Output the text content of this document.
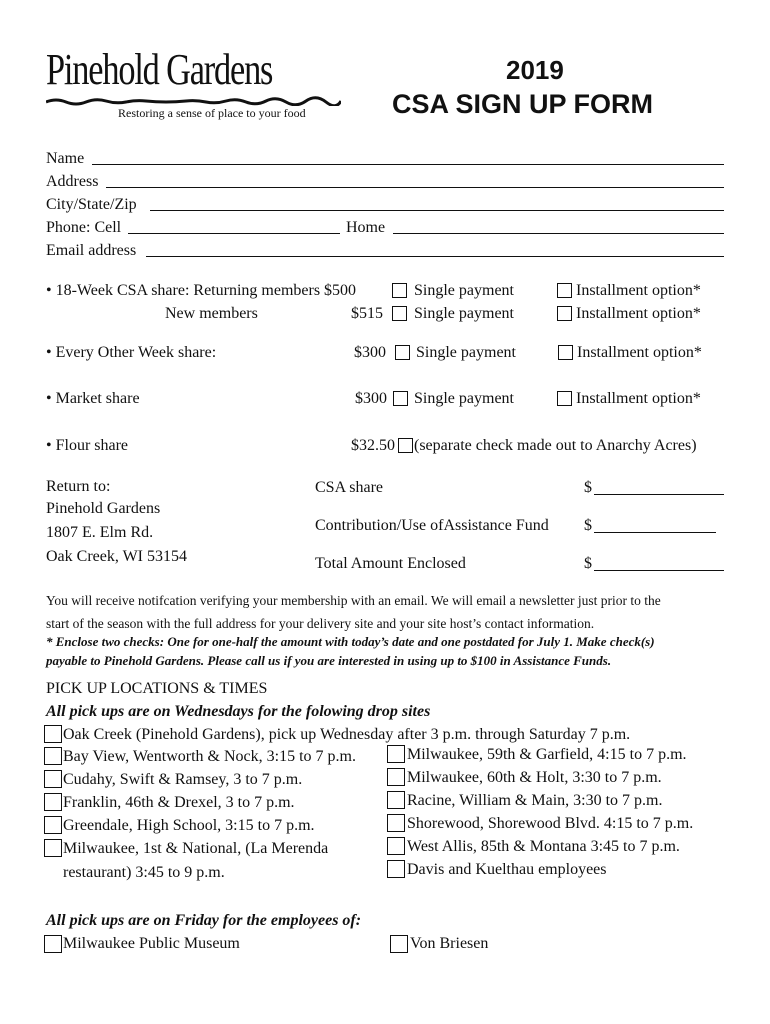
Pinehold Gardens
Restoring a sense of place to your food
2019
CSA SIGN UP FORM
Name
Address
City/State/Zip
Phone: Cell	Home
Email address
• 18-Week CSA share: Returning members $500	Single payment	Installment option*
New members	$515 Single payment	Installment option*
• Every Other Week share:	$300 Single payment	Installment option*
• Market share	$300 Single payment	Installment option*
• Flour share	$32.50 (separate check made out to Anarchy Acres)
Return to:
Pinehold Gardens
1807 E. Elm Rd.
Oak Creek, WI 53154
CSA share	$
Contribution/Use ofAssistance Fund $
Total Amount Enclosed	$
You will receive notifcation verifying your membership with an email. We will email a newsletter just prior to the
start of the season with the full address for your delivery site and your site host’s contact information.
* Enclose two checks: One for one-half the amount with today’s date and one postdated for July 1. Make check(s)
payable to Pinehold Gardens. Please call us if you are interested in using up to $100 in Assistance Funds.
PICK UP LOCATIONS & TIMES
All pick ups are on Wednesdays for the folowing drop sites
Oak Creek (Pinehold Gardens), pick up Wednesday after 3 p.m. through Saturday 7 p.m.
Bay View, Wentworth & Nock, 3:15 to 7 p.m.
Cudahy, Swift & Ramsey, 3 to 7 p.m.
Franklin, 46th & Drexel, 3 to 7 p.m.
Greendale, High School, 3:15 to 7 p.m.
Milwaukee, 1st & National, (La Merenda
restaurant) 3:45 to 9 p.m.
Milwaukee, 59th & Garfield, 4:15 to 7 p.m.
Milwaukee, 60th & Holt, 3:30 to 7 p.m.
Racine, William & Main, 3:30 to 7 p.m.
Shorewood, Shorewood Blvd. 4:15 to 7 p.m.
West Allis, 85th & Montana 3:45 to 7 p.m.
Davis and Kuelthau employees
All pick ups are on Friday for the employees of:
Milwaukee Public Museum	Von Briesen
